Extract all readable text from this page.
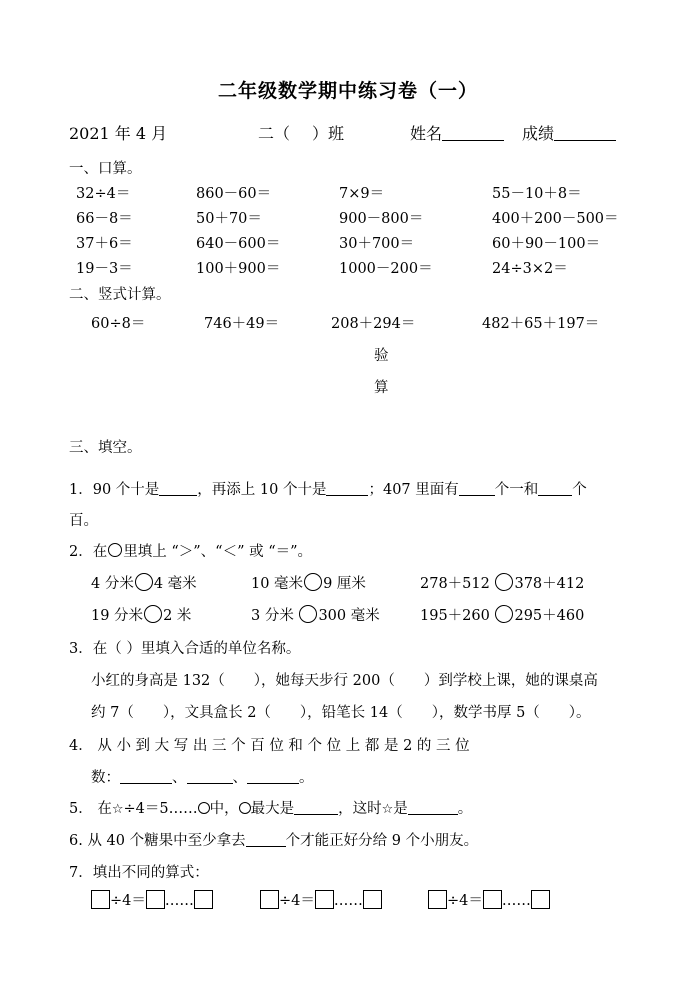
二年级数学期中练习卷（一）
2021 年 4 月	二（ ）班	姓名	成绩
一、口算。
32÷4＝	860－60＝	7×9＝	55－10＋8＝
66－8＝	50＋70＝	900－800＝	400＋200－500＝
37＋6＝	640－600＝	30＋700＝	60＋90－100＝
19－3＝	100＋900＝	1000－200＝	24÷3×2＝
二、竖式计算。
60÷8＝	746＋49＝	208＋294＝	482＋65＋197＝
验
算
三、填空。
1．90 个十是	，再添上 10 个十是	；407 里面有 个一和 个
百。
2．在 里填上 “＞”、“＜” 或 “＝”。
4 分米 4 毫米	10 毫米 9 厘米	278＋512 378＋412
19 分米 2 米	3 分米 300 毫米	195＋260 295＋460
3．在（ ）里填入合适的单位名称。
小红的身高是 132（　　），她每天步行 200（　　）到学校上课，她的课桌高
约 7（　　），文具盒长 2（　　），铅笔长 14（　　），数学书厚 5（　　）。
4． 从 小 到 大 写 出 三 个 百 位 和 个 位 上 都 是 2 的 三 位
数：	、	、	。
5． 在☆÷4＝5…… 中， 最大是	，这时☆是	。
6. 从 40 个糖果中至少拿去	个才能正好分给 9 个小朋友。
7．填出不同的算式：
÷4＝ ……	÷4＝ ……	÷4＝ ……
